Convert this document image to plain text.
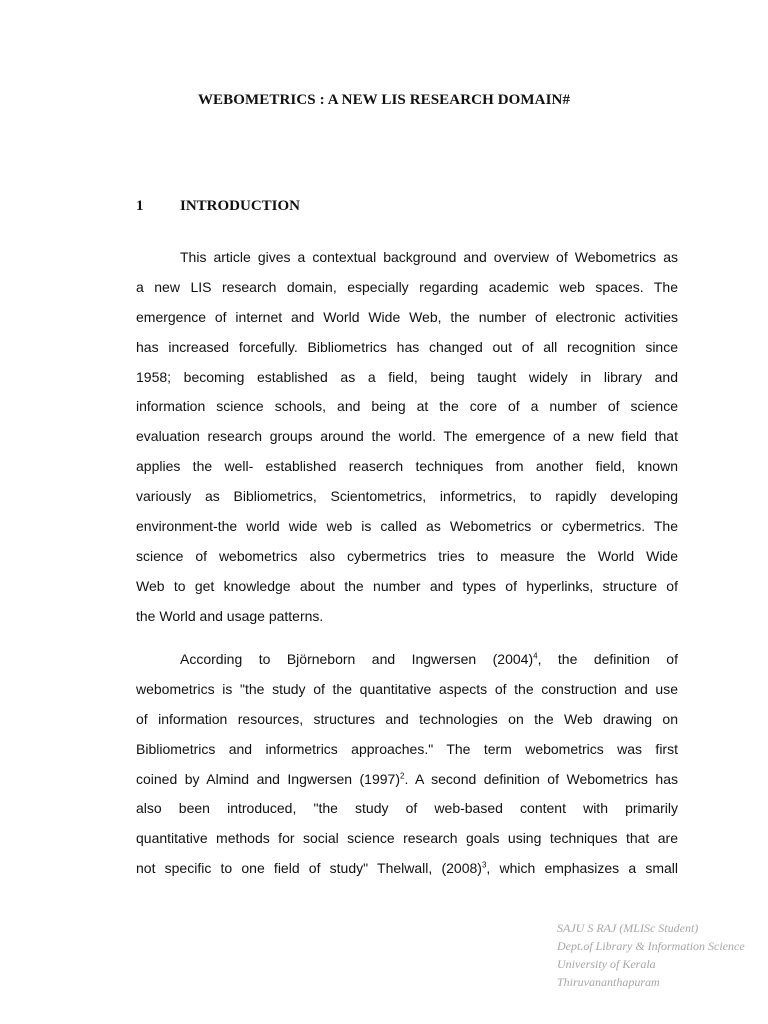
WEBOMETRICS : A NEW LIS RESEARCH DOMAIN#
1 INTRODUCTION
This article gives a contextual background and overview of Webometrics as
a new LIS research domain, especially regarding academic web spaces. The
emergence of internet and World Wide Web, the number of electronic activities
has increased forcefully. Bibliometrics has changed out of all recognition since
1958; becoming established as a field, being taught widely in library and
information science schools, and being at the core of a number of science
evaluation research groups around the world. The emergence of a new field that
applies the well- established reaserch techniques from another field, known
variously as Bibliometrics, Scientometrics, informetrics, to rapidly developing
environment-the world wide web is called as Webometrics or cybermetrics. The
science of webometrics also cybermetrics tries to measure the World Wide
Web to get knowledge about the number and types of hyperlinks, structure of
the World and usage patterns.
According to Björneborn and Ingwersen $(2004)^4$, the definition of
webometrics is "the study of the quantitative aspects of the construction and use
of information resources, structures and technologies on the Web drawing on
Bibliometrics and informetrics approaches." The term webometrics was first
coined by Almind and Ingwersen $(1997)^2$. A second definition of Webometrics has
also been introduced, "the study of web-based content with primarily
quantitative methods for social science research goals using techniques that are
not specific to one field of study" Thelwall, $(2008)^3$, which emphasizes a small
SAJU S RAJ (MLISc Student)
Dept.of Library & Information Science
University of Kerala
Thiruvananthapuram
